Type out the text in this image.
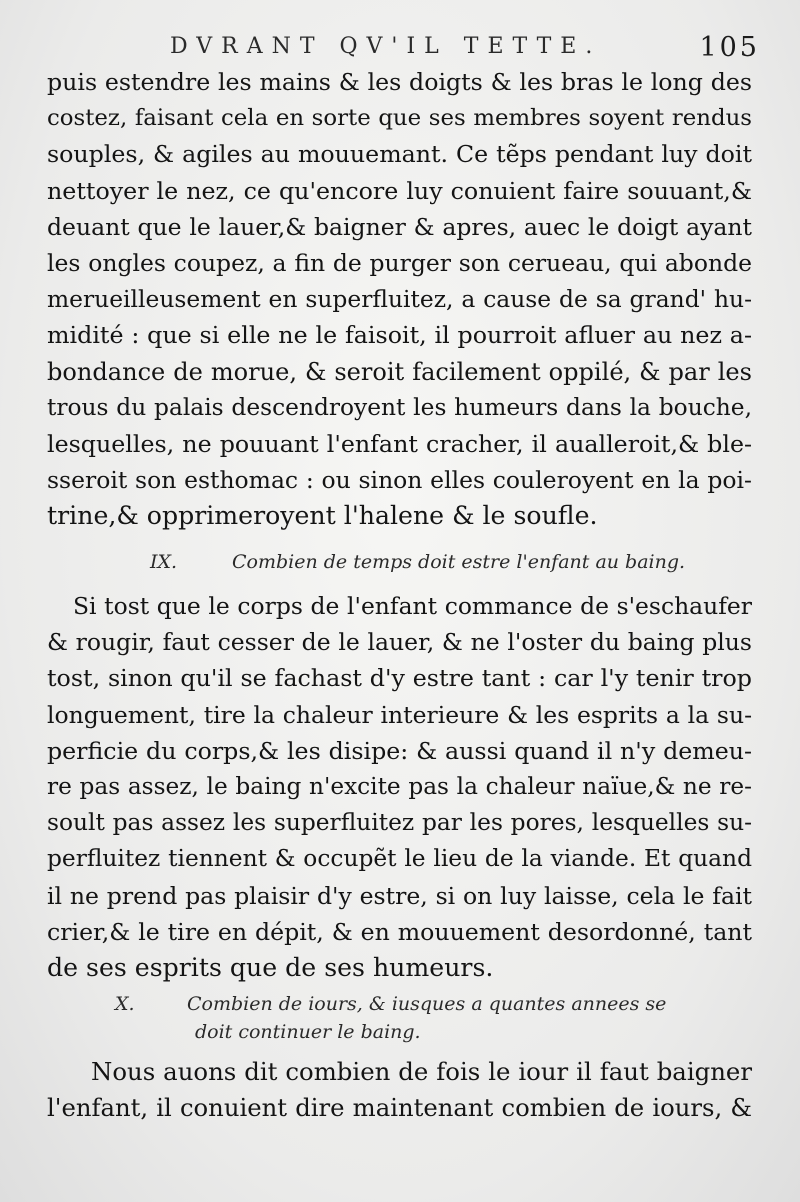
DVRANT QV'IL TETTE.	105
puis estendre les mains & les doigts & les bras le long des
costez, faisant cela en sorte que ses membres soyent rendus
souples, & agiles au mouuemant. Ce tẽps pendant luy doit
nettoyer le nez, ce qu'encore luy conuient faire souuant,&
deuant que le lauer,& baigner & apres, auec le doigt ayant
les ongles coupez, a fin de purger son cerueau, qui abonde
merueilleusement en superfluitez, a cause de sa grand' hu-
midité : que si elle ne le faisoit, il pourroit afluer au nez a-
bondance de morue, & seroit facilement oppilé, & par les
trous du palais descendroyent les humeurs dans la bouche,
lesquelles, ne pouuant l'enfant cracher, il aualleroit,& ble-
sseroit son esthomac : ou sinon elles couleroyent en la poi-
trine,& opprimeroyent l'halene & le soufle.
IX.	Combien de temps doit estre l'enfant au baing.
Si tost que le corps de l'enfant commance de s'eschaufer
& rougir, faut cesser de le lauer, & ne l'oster du baing plus
tost, sinon qu'il se fachast d'y estre tant : car l'y tenir trop
longuement, tire la chaleur interieure & les esprits a la su-
perficie du corps,& les disipe: & aussi quand il n'y demeu-
re pas assez, le baing n'excite pas la chaleur naïue,& ne re-
soult pas assez les superfluitez par les pores, lesquelles su-
perfluitez tiennent & occupẽt le lieu de la viande. Et quand
il ne prend pas plaisir d'y estre, si on luy laisse, cela le fait
crier,& le tire en dépit, & en mouuement desordonné, tant
de ses esprits que de ses humeurs.
X.	Combien de iours, & iusques a quantes annees se
doit continuer le baing.
Nous auons dit combien de fois le iour il faut baigner
l'enfant, il conuient dire maintenant combien de iours, &
